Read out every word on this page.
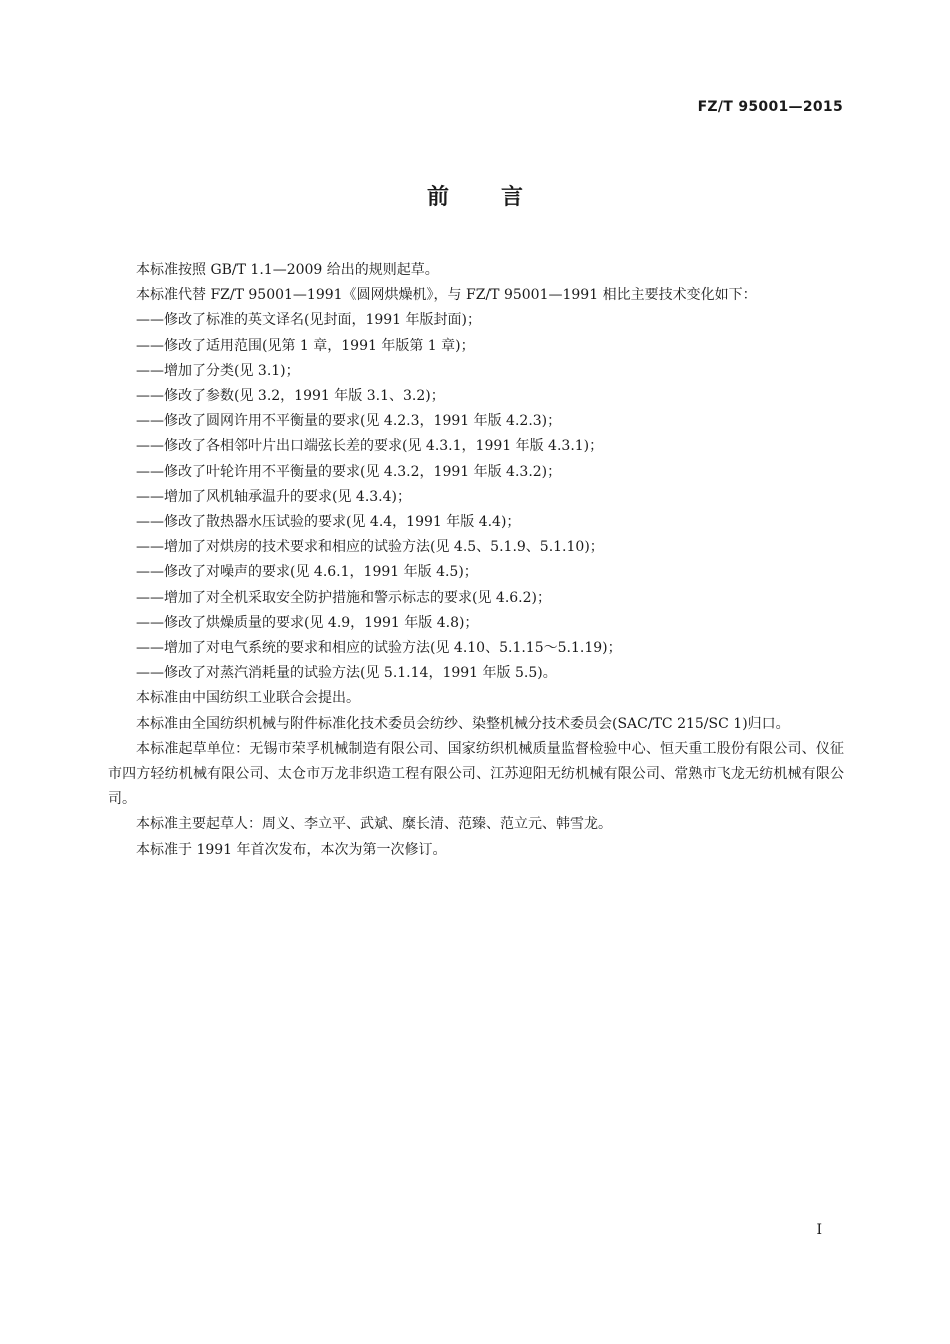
FZ/T 95001—2015
前言

本标准按照 GB/T 1.1—2009 给出的规则起草。

本标准代替 FZ/T 95001—1991《圆网烘燥机》，与 FZ/T 95001—1991 相比主要技术变化如下：

——修改了标准的英文译名(见封面，1991 年版封面)；

——修改了适用范围(见第 1 章，1991 年版第 1 章)；

——增加了分类(见 3.1)；

——修改了参数(见 3.2，1991 年版 3.1、3.2)；

——修改了圆网许用不平衡量的要求(见 4.2.3，1991 年版 4.2.3)；

——修改了各相邻叶片出口端弦长差的要求(见 4.3.1，1991 年版 4.3.1)；

——修改了叶轮许用不平衡量的要求(见 4.3.2，1991 年版 4.3.2)；

——增加了风机轴承温升的要求(见 4.3.4)；

——修改了散热器水压试验的要求(见 4.4，1991 年版 4.4)；

——增加了对烘房的技术要求和相应的试验方法(见 4.5、5.1.9、5.1.10)；

——修改了对噪声的要求(见 4.6.1，1991 年版 4.5)；

——增加了对全机采取安全防护措施和警示标志的要求(见 4.6.2)；

——修改了烘燥质量的要求(见 4.9，1991 年版 4.8)；

——增加了对电气系统的要求和相应的试验方法(见 4.10、5.1.15～5.1.19)；

——修改了对蒸汽消耗量的试验方法(见 5.1.14，1991 年版 5.5)。

本标准由中国纺织工业联合会提出。

本标准由全国纺织机械与附件标准化技术委员会纺纱、染整机械分技术委员会(SAC/TC 215/SC 1)归口。

本标准起草单位：无锡市荣孚机械制造有限公司、国家纺织机械质量监督检验中心、恒天重工股份有限公司、仪征市四方轻纺机械有限公司、太仓市万龙非织造工程有限公司、江苏迎阳无纺机械有限公司、常熟市飞龙无纺机械有限公司。

本标准主要起草人：周义、李立平、武斌、糜长清、范臻、范立元、韩雪龙。

本标准于 1991 年首次发布，本次为第一次修订。

I
